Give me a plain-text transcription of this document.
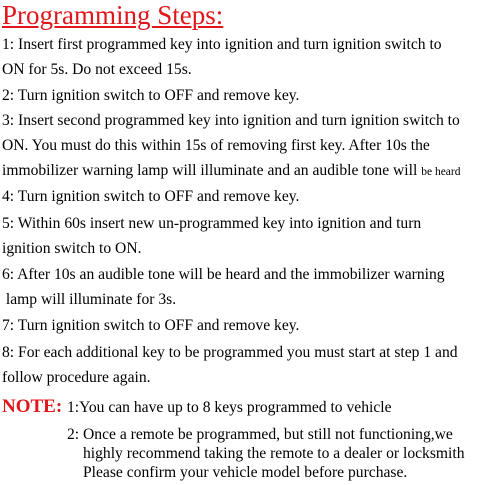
Programming Steps:
1: Insert first programmed key into ignition and turn ignition switch to
ON for 5s. Do not exceed 15s.
2: Turn ignition switch to OFF and remove key.
3: Insert second programmed key into ignition and turn ignition switch to
ON. You must do this within 15s of removing first key. After 10s the
immobilizer warning lamp will illuminate and an audible tone will be heard
4: Turn ignition switch to OFF and remove key.
5: Within 60s insert new un-programmed key into ignition and turn
ignition switch to ON.
6: After 10s an audible tone will be heard and the immobilizer warning
lamp will illuminate for 3s.
7: Turn ignition switch to OFF and remove key.
8: For each additional key to be programmed you must start at step 1 and
follow procedure again.
NOTE: 1:You can have up to 8 keys programmed to vehicle
2: Once a remote be programmed, but still not functioning,we
highly recommend taking the remote to a dealer or locksmith
Please confirm your vehicle model before purchase.
